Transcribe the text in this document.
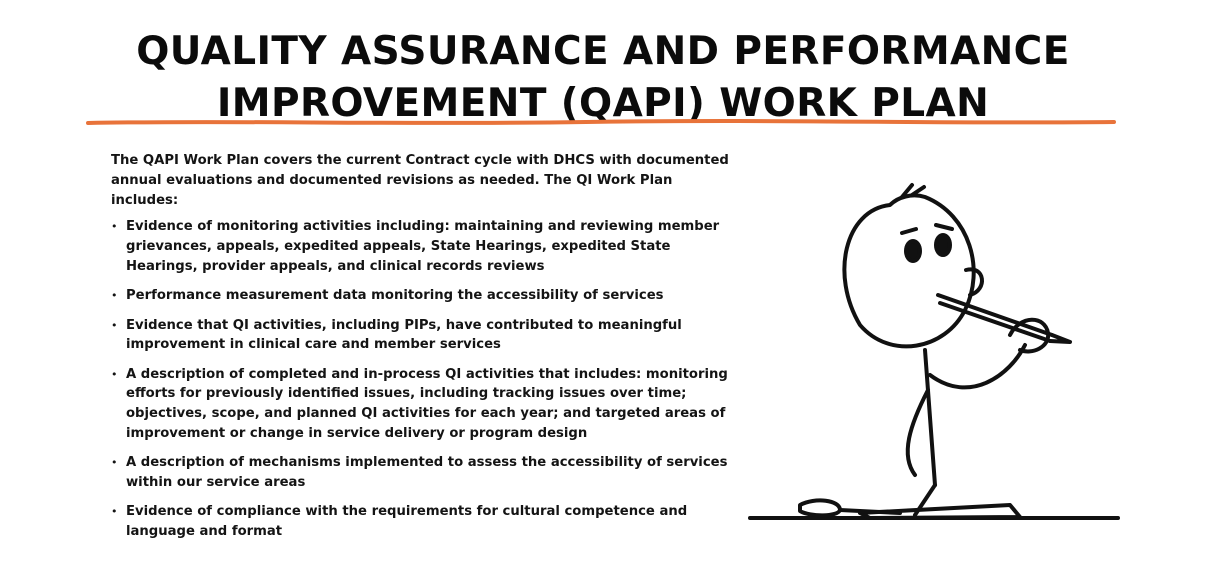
QUALITY ASSURANCE AND PERFORMANCE
IMPROVEMENT (QAPI) WORK PLAN

The QAPI Work Plan covers the current Contract cycle with DHCS with documented annual evaluations and documented revisions as needed. The QI Work Plan includes:

• Evidence of monitoring activities including: maintaining and reviewing member grievances, appeals, expedited appeals, State Hearings, expedited State Hearings, provider appeals, and clinical records reviews
• Performance measurement data monitoring the accessibility of services
• Evidence that QI activities, including PIPs, have contributed to meaningful improvement in clinical care and member services
• A description of completed and in-process QI activities that includes: monitoring efforts for previously identified issues, including tracking issues over time; objectives, scope, and planned QI activities for each year; and targeted areas of improvement or change in service delivery or program design
• A description of mechanisms implemented to assess the accessibility of services within our service areas
• Evidence of compliance with the requirements for cultural competence and language and format
